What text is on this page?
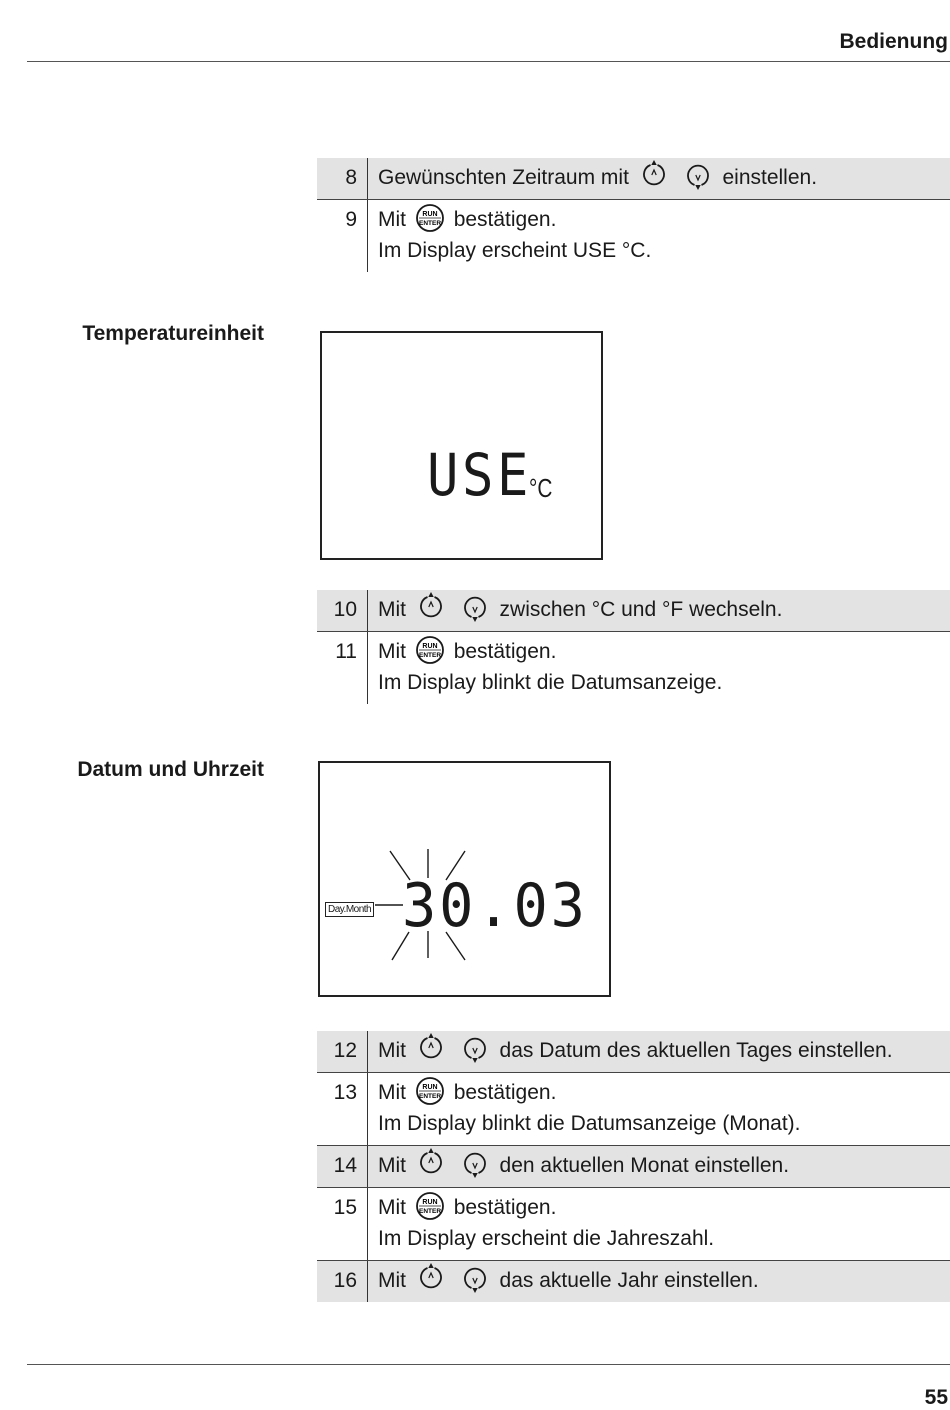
Bedienung
8	Gewünschten Zeitraum mit einstellen.
9	Mit RUN
ENTER bestätigen.
Im Display erscheint USE °C.
Temperatureinheit
USE
°C
10	Mit zwischen °C und °F wechseln.
11	Mit RUN
ENTER bestätigen.
Im Display blinkt die Datumsanzeige.
Datum und Uhrzeit
Day.Month 30.03
12	Mit das Datum des aktuellen Tages einstellen.
13	Mit RUN
ENTER bestätigen.
Im Display blinkt die Datumsanzeige (Monat).
14	Mit den aktuellen Monat einstellen.
15	Mit RUN
ENTER bestätigen.
Im Display erscheint die Jahreszahl.
16	Mit das aktuelle Jahr einstellen.
55
